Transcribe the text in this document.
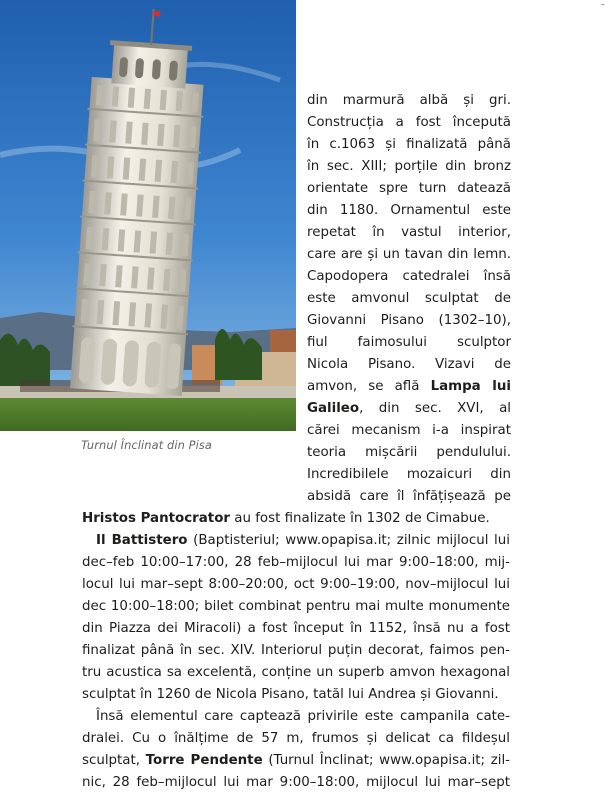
–
Turnul Înclinat din Pisa
din marmură albă și gri.
Construcția a fost începută
în c.1063 și finalizată până
în sec. XIII; porțile din bronz
orientate spre turn datează
din 1180. Ornamentul este
repetat în vastul interior,
care are și un tavan din lemn.
Capodopera catedralei însă
este amvonul sculptat de
Giovanni Pisano (1302–10),
fiul faimosului sculptor
Nicola Pisano. Vizavi de
amvon, se află Lampa lui
Galileo, din sec. XVI, al
cărei mecanism i-a inspirat
teoria mișcării pendulului.
Incredibilele mozaicuri din
absidă care îl înfățișează pe
Hristos Pantocrator au fost finalizate în 1302 de Cimabue.
Il Battistero (Baptisteriul; www.opapisa.it; zilnic mijlocul lui
dec–feb 10:00–17:00, 28 feb–mijlocul lui mar 9:00–18:00, mij-
locul lui mar–sept 8:00–20:00, oct 9:00–19:00, nov–mijlocul lui
dec 10:00–18:00; bilet combinat pentru mai multe monumente
din Piazza dei Miracoli) a fost început în 1152, însă nu a fost
finalizat până în sec. XIV. Interiorul puțin decorat, faimos pen-
tru acustica sa excelentă, conține un superb amvon hexagonal
sculptat în 1260 de Nicola Pisano, tatăl lui Andrea și Giovanni.
Însă elementul care captează privirile este campanila cate-
dralei. Cu o înălțime de 57 m, frumos și delicat ca fildeșul
sculptat, Torre Pendente (Turnul Înclinat; www.opapisa.it; zil-
nic, 28 feb–mijlocul lui mar 9:00–18:00, mijlocul lui mar–sept
